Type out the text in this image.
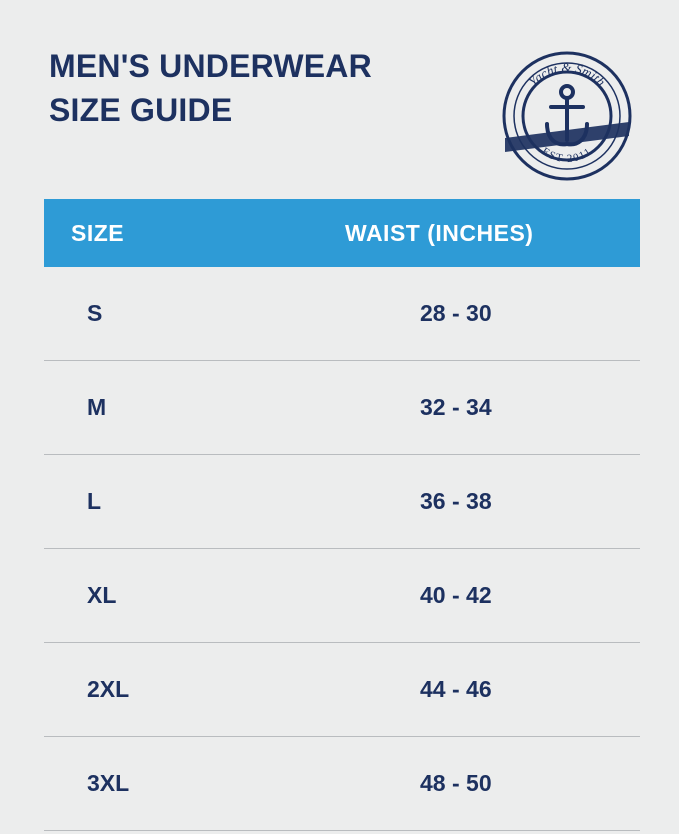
MEN'S UNDERWEAR
SIZE GUIDE
Yacht & Smith
EST 2011
SIZE	WAIST (INCHES)
S	28 - 30
M	32 - 34
L	36 - 38
XL	40 - 42
2XL	44 - 46
3XL	48 - 50
